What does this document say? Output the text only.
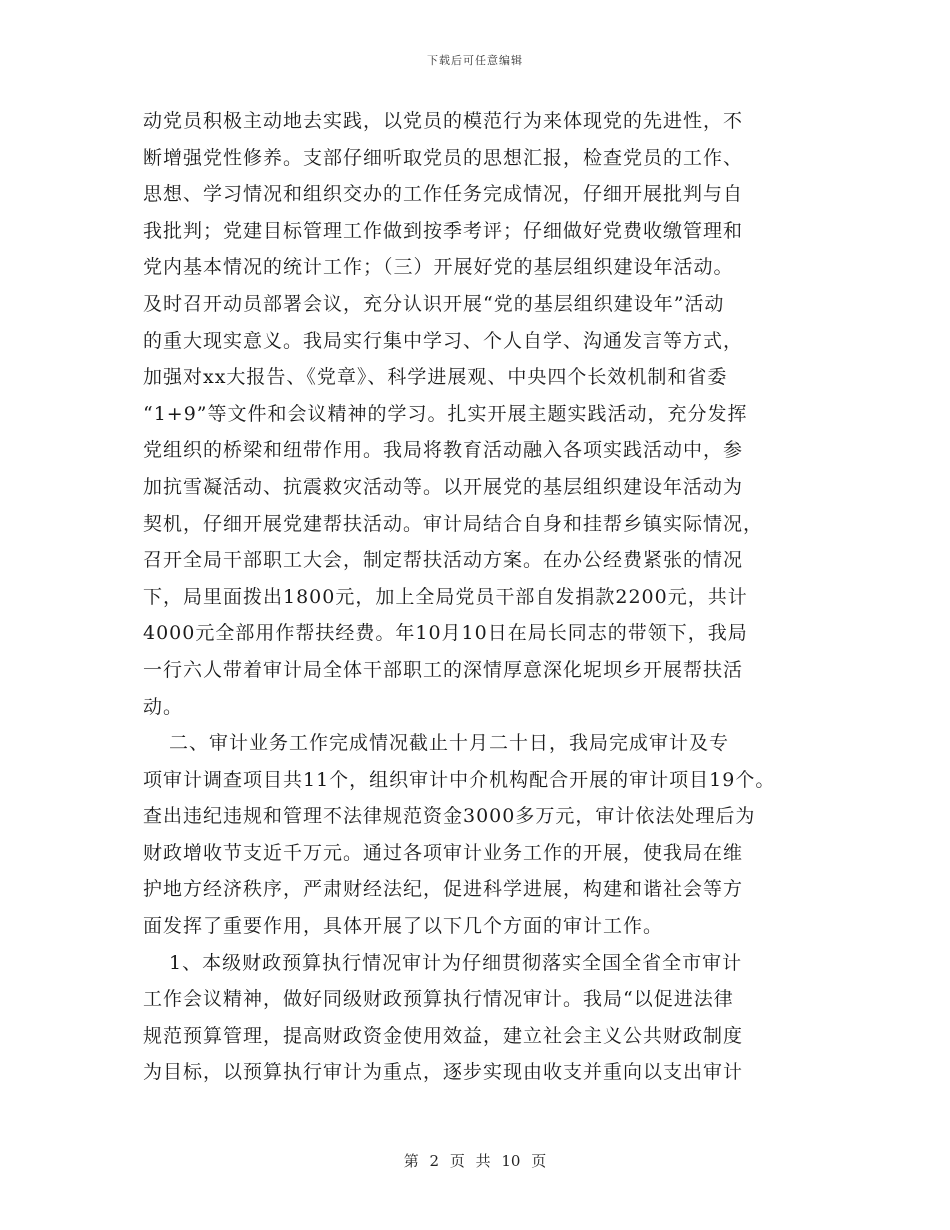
下载后可任意编辑
动党员积极主动地去实践，以党员的模范行为来体现党的先进性，不
断增强党性修养。支部仔细听取党员的思想汇报，检查党员的工作、
思想、学习情况和组织交办的工作任务完成情况，仔细开展批判与自
我批判；党建目标管理工作做到按季考评；仔细做好党费收缴管理和
党内基本情况的统计工作；（三）开展好党的基层组织建设年活动。
及时召开动员部署会议，充分认识开展“党的基层组织建设年”活动
的重大现实意义。我局实行集中学习、个人自学、沟通发言等方式，
加强对xx大报告、《党章》、科学进展观、中央四个长效机制和省委
“1+9”等文件和会议精神的学习。扎实开展主题实践活动，充分发挥
党组织的桥梁和纽带作用。我局将教育活动融入各项实践活动中，参
加抗雪凝活动、抗震救灾活动等。以开展党的基层组织建设年活动为
契机，仔细开展党建帮扶活动。审计局结合自身和挂帮乡镇实际情况，
召开全局干部职工大会，制定帮扶活动方案。在办公经费紧张的情况
下，局里面拨出1800元，加上全局党员干部自发捐款2200元，共计
4000元全部用作帮扶经费。年10月10日在局长同志的带领下，我局
一行六人带着审计局全体干部职工的深情厚意深化坭坝乡开展帮扶活
动。
二、审计业务工作完成情况截止十月二十日，我局完成审计及专
项审计调查项目共11个，组织审计中介机构配合开展的审计项目19个。
查出违纪违规和管理不法律规范资金3000多万元，审计依法处理后为
财政增收节支近千万元。通过各项审计业务工作的开展，使我局在维
护地方经济秩序，严肃财经法纪，促进科学进展，构建和谐社会等方
面发挥了重要作用，具体开展了以下几个方面的审计工作。
1、本级财政预算执行情况审计为仔细贯彻落实全国全省全市审计
工作会议精神，做好同级财政预算执行情况审计。我局“以促进法律
规范预算管理，提高财政资金使用效益，建立社会主义公共财政制度
为目标，以预算执行审计为重点，逐步实现由收支并重向以支出审计
第 2 页 共 10 页
